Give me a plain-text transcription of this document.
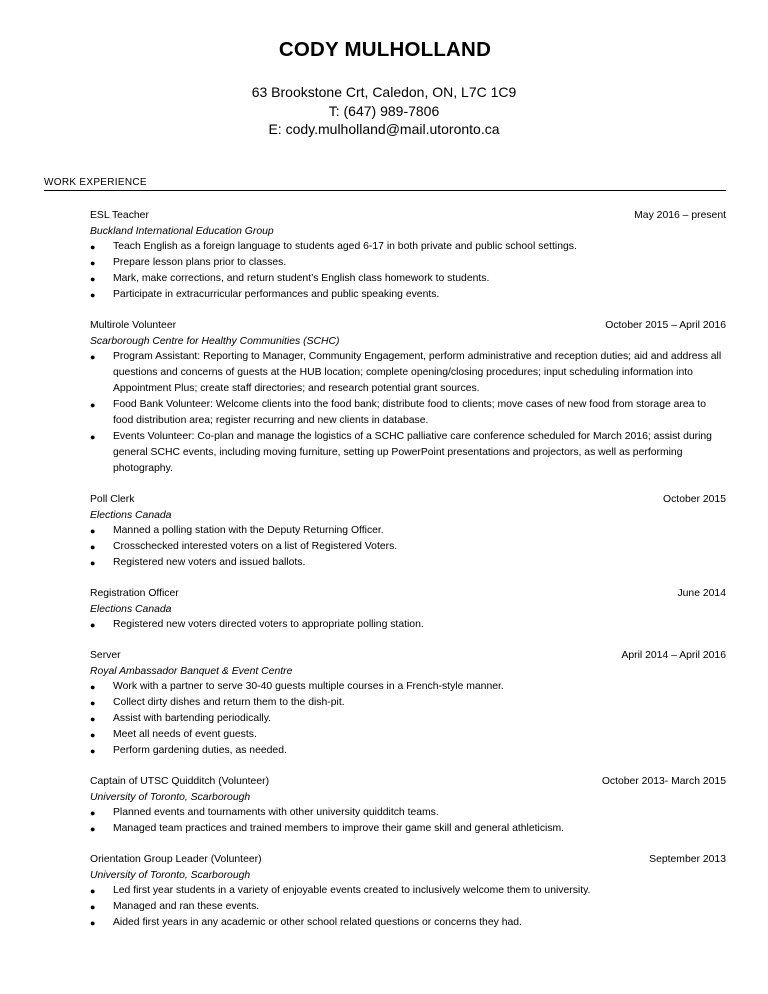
CODY MULHOLLAND
63 Brookstone Crt, Caledon, ON, L7C 1C9
T: (647) 989-7806
E: cody.mulholland@mail.utoronto.ca
WORK EXPERIENCE
ESL Teacher	May 2016 – present
Buckland International Education Group
● Teach English as a foreign language to students aged 6-17 in both private and public school settings.
● Prepare lesson plans prior to classes.
● Mark, make corrections, and return student’s English class homework to students.
● Participate in extracurricular performances and public speaking events.
Multirole Volunteer	October 2015 – April 2016
Scarborough Centre for Healthy Communities (SCHC)
● Program Assistant: Reporting to Manager, Community Engagement, perform administrative and reception duties; aid and address all questions and concerns of guests at the HUB location; complete opening/closing procedures; input scheduling information into Appointment Plus; create staff directories; and research potential grant sources.
● Food Bank Volunteer: Welcome clients into the food bank; distribute food to clients; move cases of new food from storage area to food distribution area; register recurring and new clients in database.
● Events Volunteer: Co-plan and manage the logistics of a SCHC palliative care conference scheduled for March 2016; assist during general SCHC events, including moving furniture, setting up PowerPoint presentations and projectors, as well as performing photography.
Poll Clerk	October 2015
Elections Canada
● Manned a polling station with the Deputy Returning Officer.
● Crosschecked interested voters on a list of Registered Voters.
● Registered new voters and issued ballots.
Registration Officer	June 2014
Elections Canada
● Registered new voters directed voters to appropriate polling station.
Server	April 2014 – April 2016
Royal Ambassador Banquet & Event Centre
● Work with a partner to serve 30-40 guests multiple courses in a French-style manner.
● Collect dirty dishes and return them to the dish-pit.
● Assist with bartending periodically.
● Meet all needs of event guests.
● Perform gardening duties, as needed.
Captain of UTSC Quidditch (Volunteer)	October 2013- March 2015
University of Toronto, Scarborough
● Planned events and tournaments with other university quidditch teams.
● Managed team practices and trained members to improve their game skill and general athleticism.
Orientation Group Leader (Volunteer)	September 2013
University of Toronto, Scarborough
● Led first year students in a variety of enjoyable events created to inclusively welcome them to university.
● Managed and ran these events.
● Aided first years in any academic or other school related questions or concerns they had.
